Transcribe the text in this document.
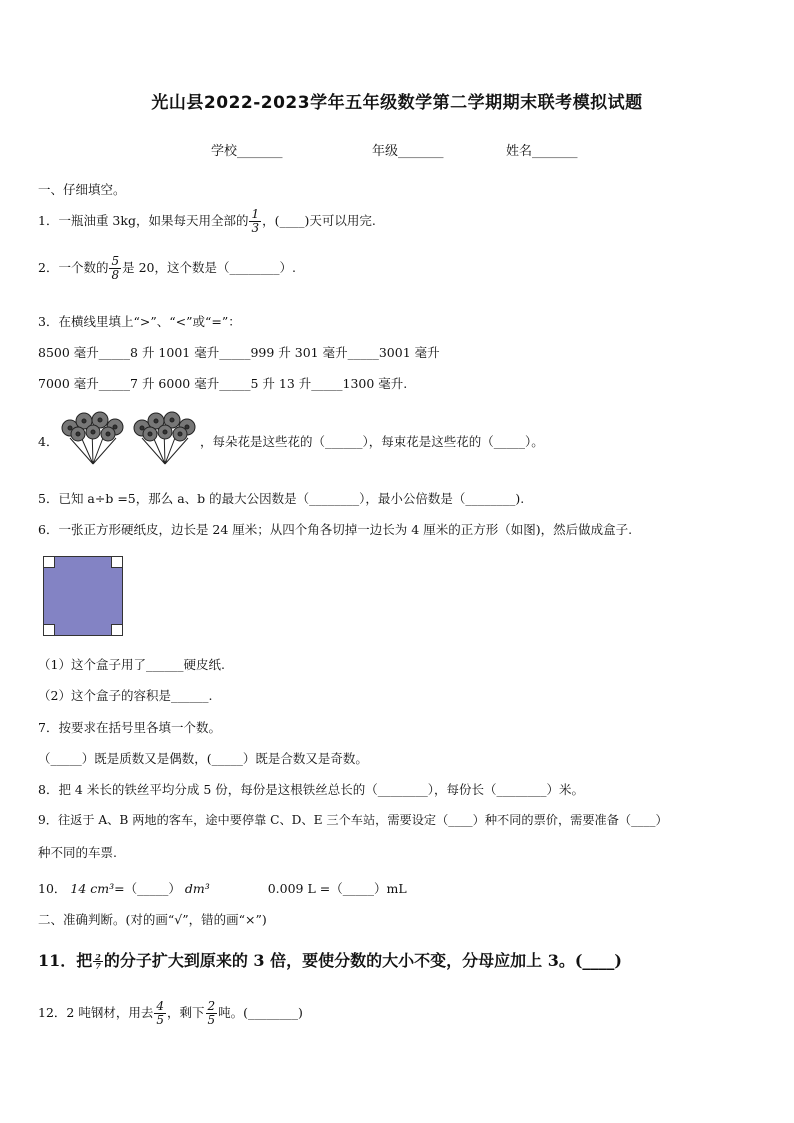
光山县2022-2023学年五年级数学第二学期期末联考模拟试题
学校_______	年级_______	姓名_______
一、仔细填空。
1．一瓶油重 3kg，如果每天用全部的 $\frac{1}{3}$ ，(____)天可以用完.
2．一个数的 $\frac{5}{8}$ 是 20，这个数是（________）.
3．在横线里填上“>”、“<”或“=”：
8500 毫升_____8 升 1001 毫升_____999 升 301 毫升_____3001 毫升
7000 毫升_____7 升 6000 毫升_____5 升 13 升_____1300 毫升.
4．	，每朵花是这些花的（______），每束花是这些花的（_____）。
5．已知 a÷b =5，那么 a、b 的最大公因数是（________），最小公倍数是（________).
6．一张正方形硬纸皮，边长是 24 厘米；从四个角各切掉一边长为 4 厘米的正方形（如图)，然后做成盒子.
（1）这个盒子用了______硬皮纸.
（2）这个盒子的容积是______.
7．按要求在括号里各填一个数。
（_____）既是质数又是偶数，(_____）既是合数又是奇数。
8．把 4 米长的铁丝平均分成 5 份，每份是这根铁丝总长的（________），每份长（________）米。
9．往返于 A、B 两地的客车，途中要停靠 C、D、E 三个车站，需要设定（____）种不同的票价，需要准备（____）
种不同的车票.
10． 14 cm³=（_____） dm³	0.009 L =（_____）mL
二、准确判断。(对的画“√”，错的画“×”)
11．把 $\frac{2}{7}$ 的分子扩大到原来的 3 倍，要使分数的大小不变，分母应加上 3。(____)
12．2 吨钢材，用去 $\frac{4}{5}$ ，剩下 $\frac{2}{5}$ 吨。(________)
